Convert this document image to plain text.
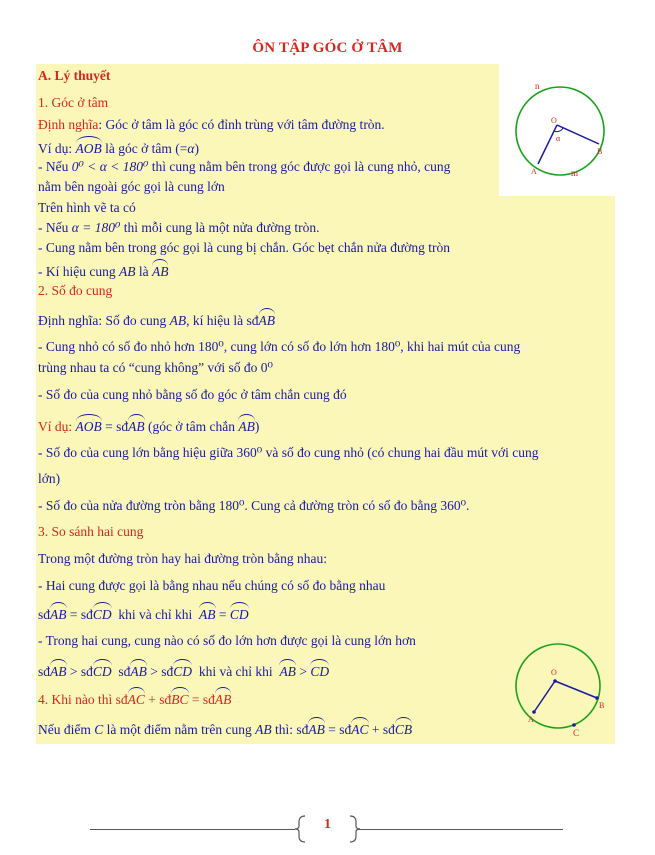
ÔN TẬP GÓC Ở TÂM
A. Lý thuyết
1. Góc ở tâm
Định nghĩa: Góc ở tâm là góc có đỉnh trùng với tâm đường tròn.
Ví dụ: AOB là góc ở tâm (=α)
- Nếu 0⁰ < α < 180⁰ thì cung nằm bên trong góc được gọi là cung nhỏ, cung
nằm bên ngoài góc gọi là cung lớn
Trên hình vẽ ta có
- Nếu α = 180⁰ thì mỗi cung là một nửa đường tròn.
- Cung nằm bên trong góc gọi là cung bị chắn. Góc bẹt chắn nửa đường tròn
- Kí hiệu cung AB là AB
2. Số đo cung
Định nghĩa: Số đo cung AB, kí hiệu là sđAB
- Cung nhỏ có số đo nhỏ hơn 180⁰, cung lớn có số đo lớn hơn 180⁰, khi hai mút của cung
trùng nhau ta có “cung không” với số đo 0⁰
- Số đo của cung nhỏ bằng số đo góc ở tâm chắn cung đó
Ví dụ: AOB = sđAB (góc ở tâm chắn AB)
- Số đo của cung lớn bằng hiệu giữa 360⁰ và số đo cung nhỏ (có chung hai đầu mút với cung
lớn)
- Số đo của nửa đường tròn bằng 180⁰. Cung cả đường tròn có số đo bằng 360⁰.
3. So sánh hai cung
Trong một đường tròn hay hai đường tròn bằng nhau:
- Hai cung được gọi là bằng nhau nếu chúng có số đo bằng nhau
sđAB = sđCD  khi và chỉ khi  AB = CD
- Trong hai cung, cung nào có số đo lớn hơn được gọi là cung lớn hơn
sđAB > sđCD  sđAB > sđCD  khi và chỉ khi  AB > CD
4. Khi nào thì sđAC + sđBC = sđAB
Nếu điểm C là một điểm nằm trên cung AB thì: sđAB = sđAC + sđCB
n
O
α
B
A	m
O
B
A
C
1
